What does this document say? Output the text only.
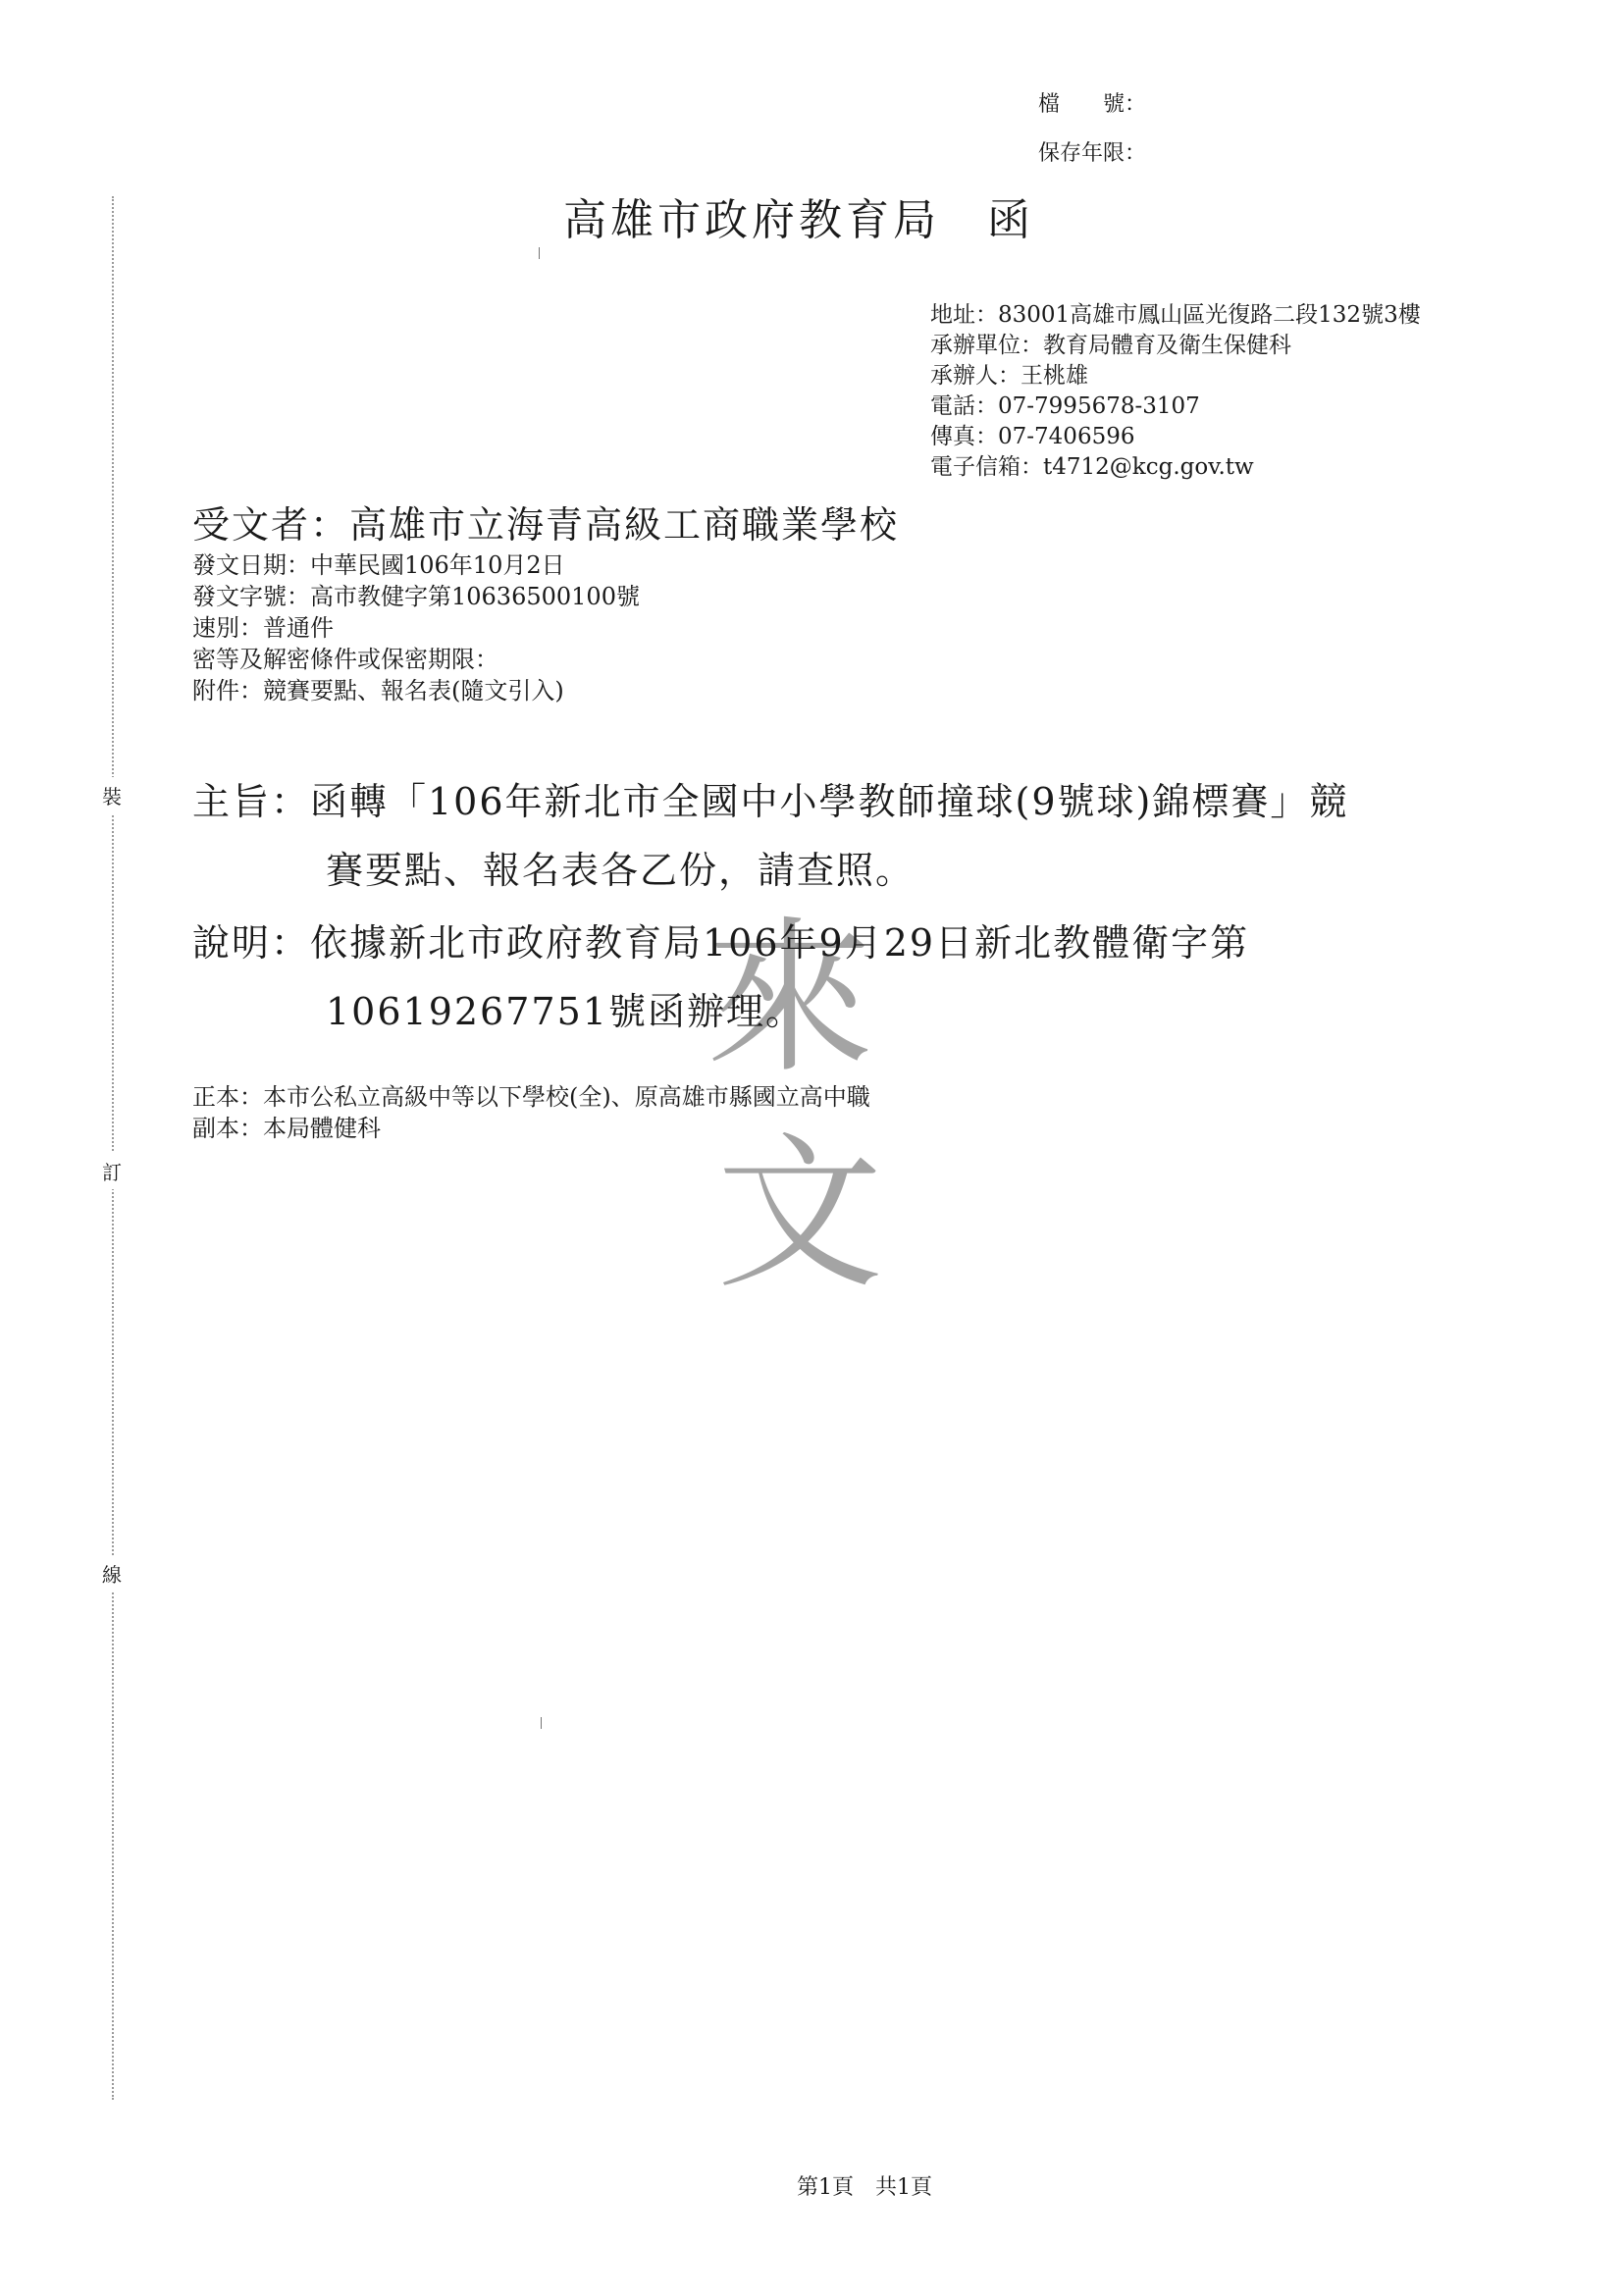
裝
訂
線
檔　　號：
保存年限：
高雄市政府教育局　函
地址：83001高雄市鳳山區光復路二段132號3樓
承辦單位：教育局體育及衛生保健科
承辦人：王桃雄
電話：07-7995678-3107
傳真：07-7406596
電子信箱：t4712@kcg.gov.tw
受文者：高雄市立海青高級工商職業學校
發文日期：中華民國106年10月2日
發文字號：高市教健字第10636500100號
速別：普通件
密等及解密條件或保密期限：
附件：競賽要點、報名表(隨文引入)
來
文
主旨：函轉「106年新北市全國中小學教師撞球(9號球)錦標賽」競
賽要點、報名表各乙份，請查照。
說明：依據新北市政府教育局106年9月29日新北教體衛字第
10619267751號函辦理。
正本：本市公私立高級中等以下學校(全)、原高雄市縣國立高中職
副本：本局體健科
第1頁　共1頁
